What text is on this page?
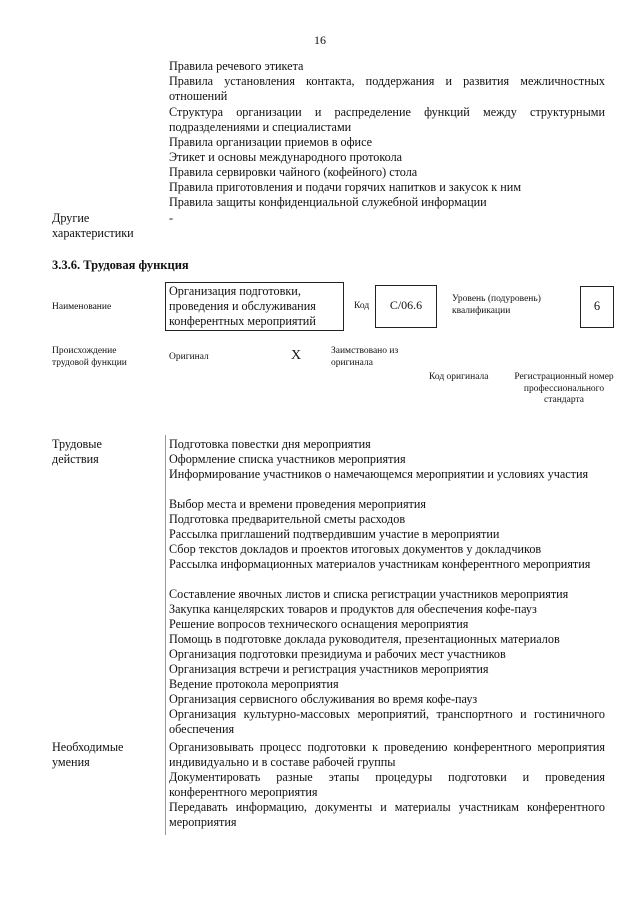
16
Правила речевого этикета
Правила установления контакта, поддержания и развития межличностных отношений
Структура организации и распределение функций между структурными подразделениями и специалистами
Правила организации приемов в офисе
Этикет и основы международного протокола
Правила сервировки чайного (кофейного) стола
Правила приготовления и подачи горячих напитков и закусок к ним
Правила защиты конфиденциальной служебной информации
Другие характеристики
-
3.3.6. Трудовая функция
Наименование
Организация подготовки, проведения и обслуживания конферентных мероприятий
Код	С/06.6	Уровень (подуровень) квалификации	6
Происхождение трудовой функции
Оригинал	X	Заимствовано из оригинала
Код оригинала	Регистрационный номер профессионального стандарта
Трудовые действия
Подготовка повестки дня мероприятия
Оформление списка участников мероприятия
Информирование участников о намечающемся мероприятии и условиях участия
Выбор места и времени проведения мероприятия
Подготовка предварительной сметы расходов
Рассылка приглашений подтвердившим участие в мероприятии
Сбор текстов докладов и проектов итоговых документов у докладчиков
Рассылка информационных материалов участникам конферентного мероприятия
Составление явочных листов и списка регистрации участников мероприятия
Закупка канцелярских товаров и продуктов для обеспечения кофе-пауз
Решение вопросов технического оснащения мероприятия
Помощь в подготовке доклада руководителя, презентационных материалов
Организация подготовки президиума и рабочих мест участников
Организация встречи и регистрация участников мероприятия
Ведение протокола мероприятия
Организация сервисного обслуживания во время кофе-пауз
Организация культурно-массовых мероприятий, транспортного и гостиничного обеспечения
Необходимые умения
Организовывать процесс подготовки к проведению конферентного мероприятия индивидуально и в составе рабочей группы
Документировать разные этапы процедуры подготовки и проведения конферентного мероприятия
Передавать информацию, документы и материалы участникам конферентного мероприятия
